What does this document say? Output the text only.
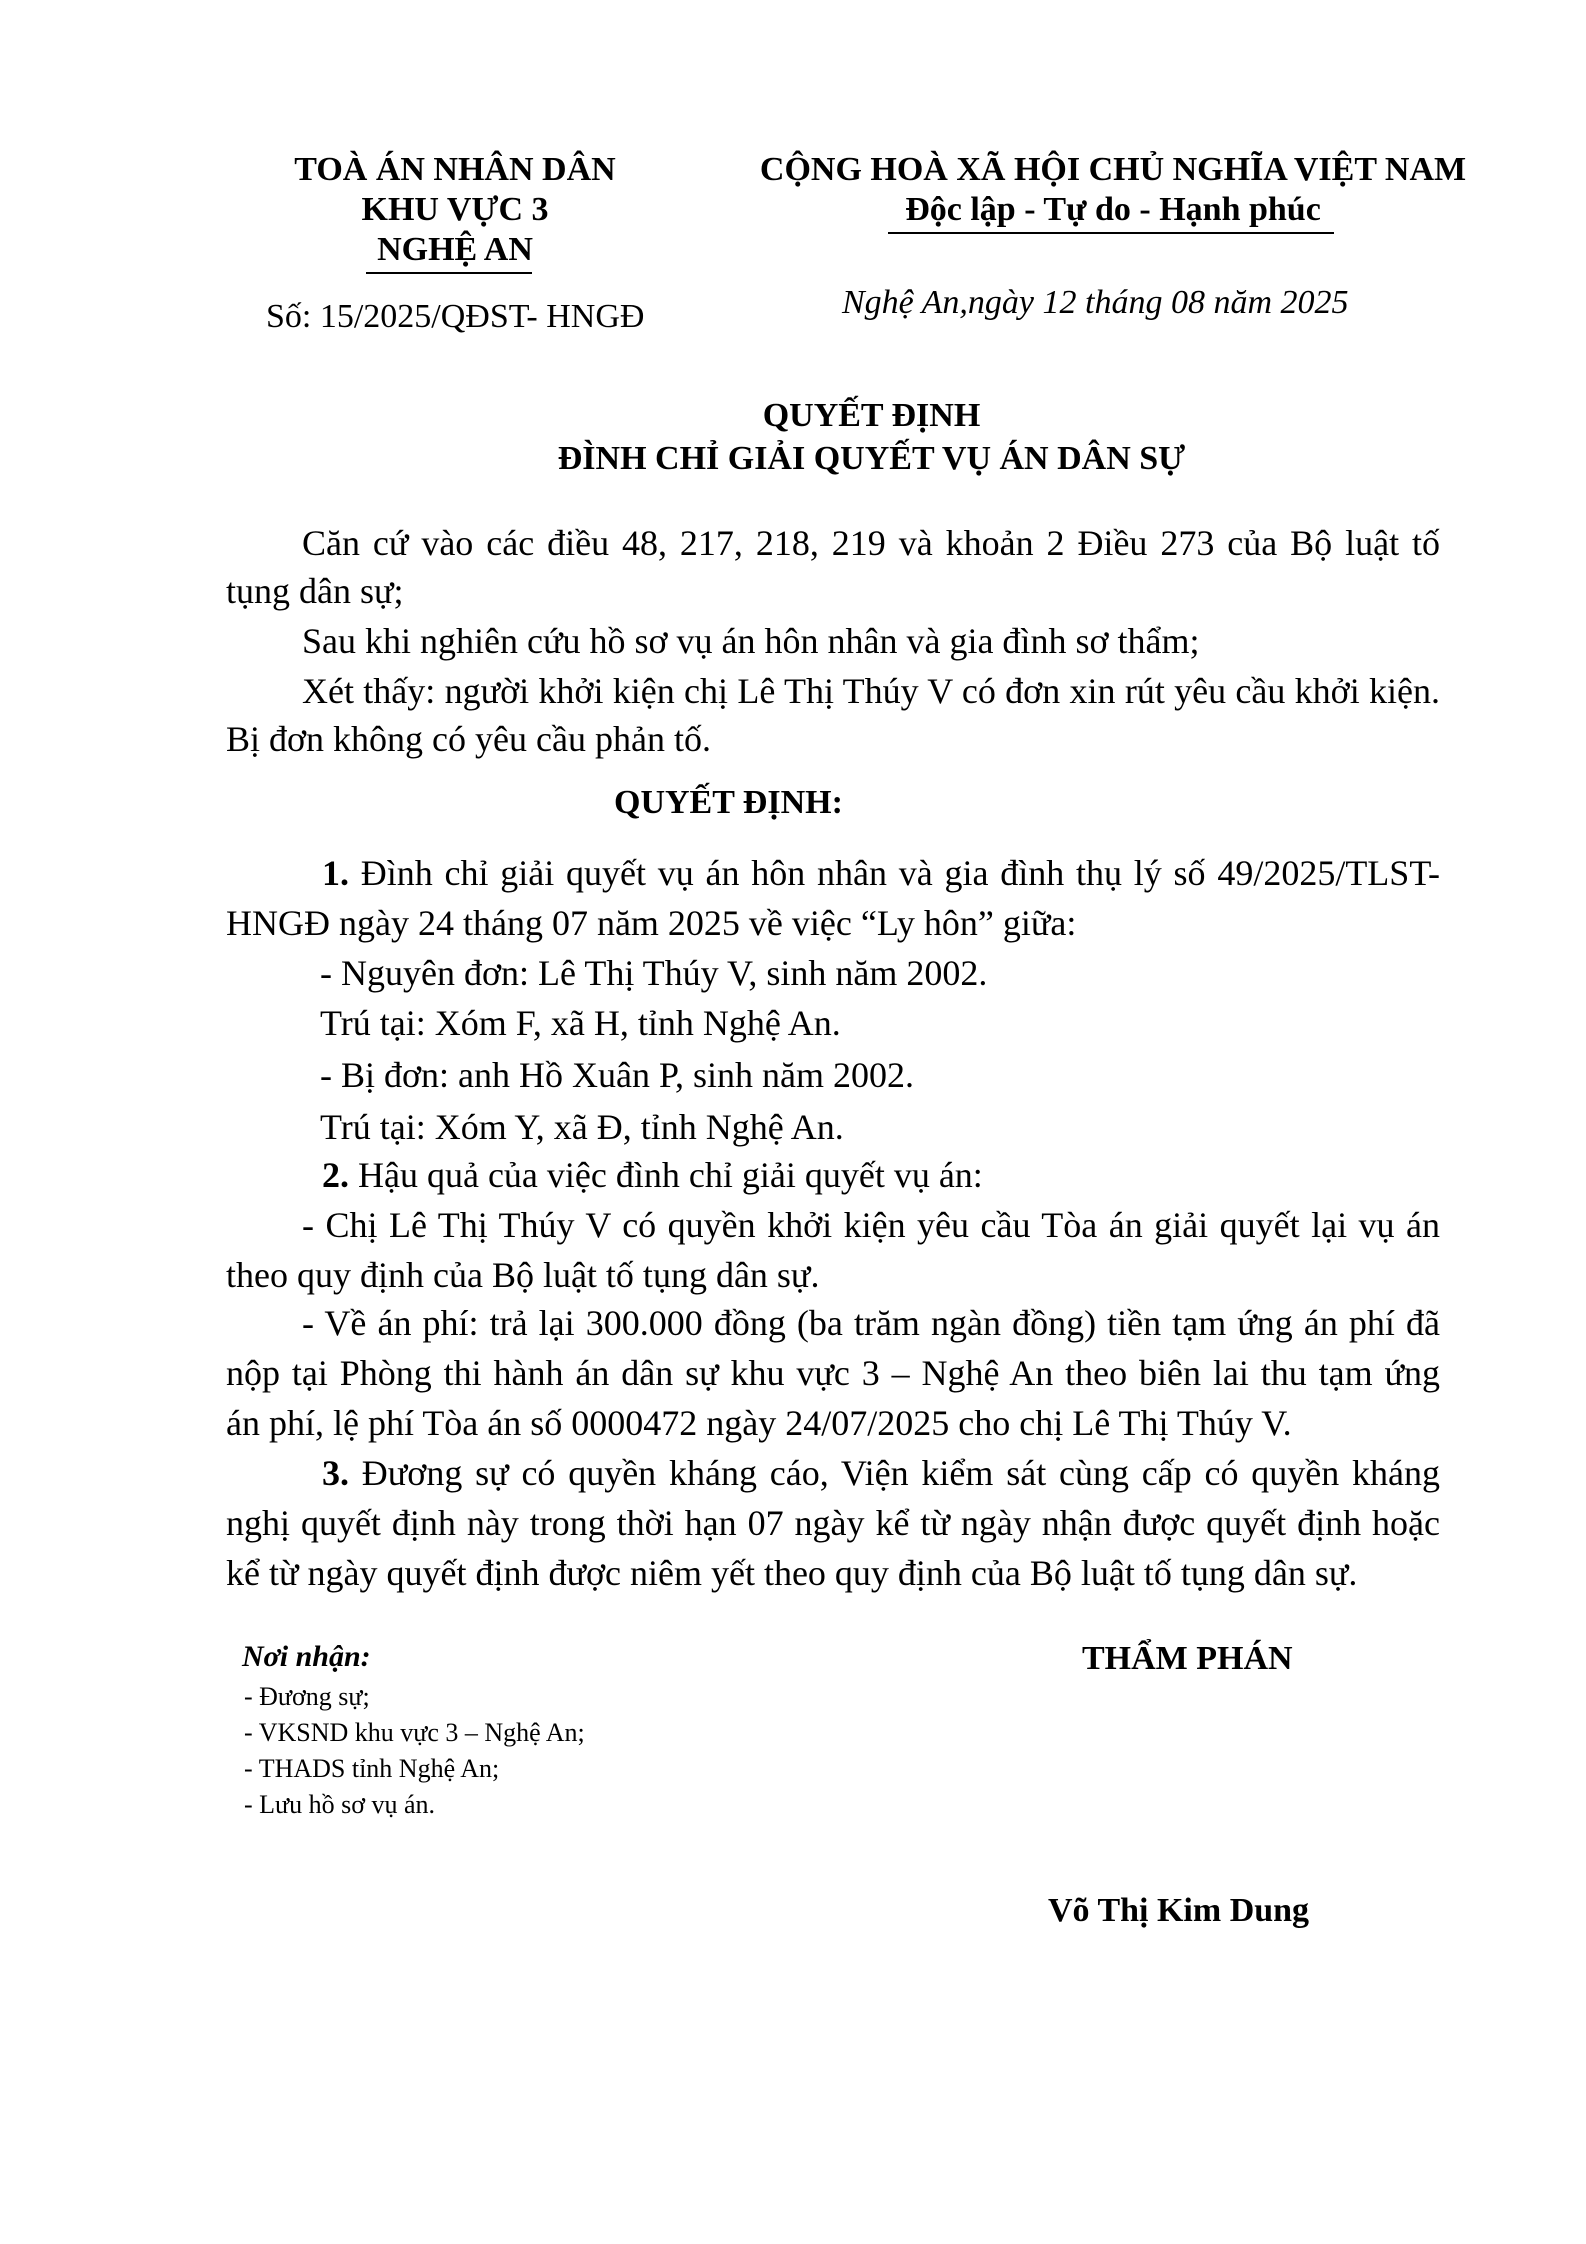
TOÀ ÁN NHÂN DÂN
KHU VỰC 3
NGHỆ AN
Số: 15/2025/QĐST- HNGĐ
CỘNG HOÀ XÃ HỘI CHỦ NGHĨA VIỆT NAM
Độc lập - Tự do - Hạnh phúc
Nghệ An,ngày 12 tháng 08 năm 2025
QUYẾT ĐỊNH
ĐÌNH CHỈ GIẢI QUYẾT VỤ ÁN DÂN SỰ
Căn cứ vào các điều 48, 217, 218, 219 và khoản 2 Điều 273 của Bộ luật tố
tụng dân sự;
Sau khi nghiên cứu hồ sơ vụ án hôn nhân và gia đình sơ thẩm;
Xét thấy: người khởi kiện chị Lê Thị Thúy V có đơn xin rút yêu cầu khởi kiện.
Bị đơn không có yêu cầu phản tố.
QUYẾT ĐỊNH:
1. Đình chỉ giải quyết vụ án hôn nhân và gia đình thụ lý số 49/2025/TLST-
HNGĐ ngày 24 tháng 07 năm 2025 về việc “Ly hôn” giữa:
- Nguyên đơn: Lê Thị Thúy V, sinh năm 2002.
Trú tại: Xóm F, xã H, tỉnh Nghệ An.
- Bị đơn: anh Hồ Xuân P, sinh năm 2002.
Trú tại: Xóm Y, xã Đ, tỉnh Nghệ An.
2. Hậu quả của việc đình chỉ giải quyết vụ án:
- Chị Lê Thị Thúy V có quyền khởi kiện yêu cầu Tòa án giải quyết lại vụ án
theo quy định của Bộ luật tố tụng dân sự.
- Về án phí: trả lại 300.000 đồng (ba trăm ngàn đồng) tiền tạm ứng án phí đã
nộp tại Phòng thi hành án dân sự khu vực 3 – Nghệ An theo biên lai thu tạm ứng
án phí, lệ phí Tòa án số 0000472 ngày 24/07/2025 cho chị Lê Thị Thúy V.
3. Đương sự có quyền kháng cáo, Viện kiểm sát cùng cấp có quyền kháng
nghị quyết định này trong thời hạn 07 ngày kể từ ngày nhận được quyết định hoặc
kể từ ngày quyết định được niêm yết theo quy định của Bộ luật tố tụng dân sự.
Nơi nhận:
- Đương sự;
- VKSND khu vực 3 – Nghệ An;
- THADS tỉnh Nghệ An;
- Lưu hồ sơ vụ án.
THẨM PHÁN
Võ Thị Kim Dung
